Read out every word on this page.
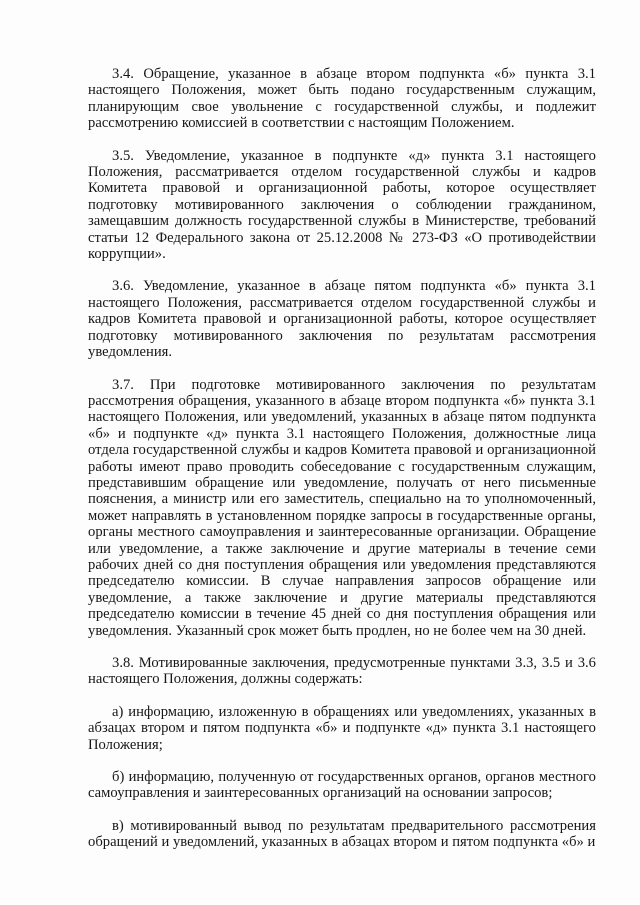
3.4. Обращение, указанное в абзаце втором подпункта «б» пункта 3.1 настоящего Положения, может быть подано государственным служащим, планирующим свое увольнение с государственной службы, и подлежит рассмотрению комиссией в соответствии с настоящим Положением.

3.5. Уведомление, указанное в подпункте «д» пункта 3.1 настоящего Положения, рассматривается отделом государственной службы и кадров Комитета правовой и организационной работы, которое осуществляет подготовку мотивированного заключения о соблюдении гражданином, замещавшим должность государственной службы в Министерстве, требований статьи 12 Федерального закона от 25.12.2008 № 273-ФЗ «О противодействии коррупции».

3.6. Уведомление, указанное в абзаце пятом подпункта «б» пункта 3.1 настоящего Положения, рассматривается отделом государственной службы и кадров Комитета правовой и организационной работы, которое осуществляет подготовку мотивированного заключения по результатам рассмотрения уведомления.

3.7. При подготовке мотивированного заключения по результатам рассмотрения обращения, указанного в абзаце втором подпункта «б» пункта 3.1 настоящего Положения, или уведомлений, указанных в абзаце пятом подпункта «б» и подпункте «д» пункта 3.1 настоящего Положения, должностные лица отдела государственной службы и кадров Комитета правовой и организационной работы имеют право проводить собеседование с государственным служащим, представившим обращение или уведомление, получать от него письменные пояснения, а министр или его заместитель, специально на то уполномоченный, может направлять в установленном порядке запросы в государственные органы, органы местного самоуправления и заинтересованные организации. Обращение или уведомление, а также заключение и другие материалы в течение семи рабочих дней со дня поступления обращения или уведомления представляются председателю комиссии. В случае направления запросов обращение или уведомление, а также заключение и другие материалы представляются председателю комиссии в течение 45 дней со дня поступления обращения или уведомления. Указанный срок может быть продлен, но не более чем на 30 дней.

3.8. Мотивированные заключения, предусмотренные пунктами 3.3, 3.5 и 3.6 настоящего Положения, должны содержать:

а) информацию, изложенную в обращениях или уведомлениях, указанных в абзацах втором и пятом подпункта «б» и подпункте «д» пункта 3.1 настоящего Положения;

б) информацию, полученную от государственных органов, органов местного самоуправления и заинтересованных организаций на основании запросов;

в) мотивированный вывод по результатам предварительного рассмотрения обращений и уведомлений, указанных в абзацах втором и пятом подпункта «б» и
